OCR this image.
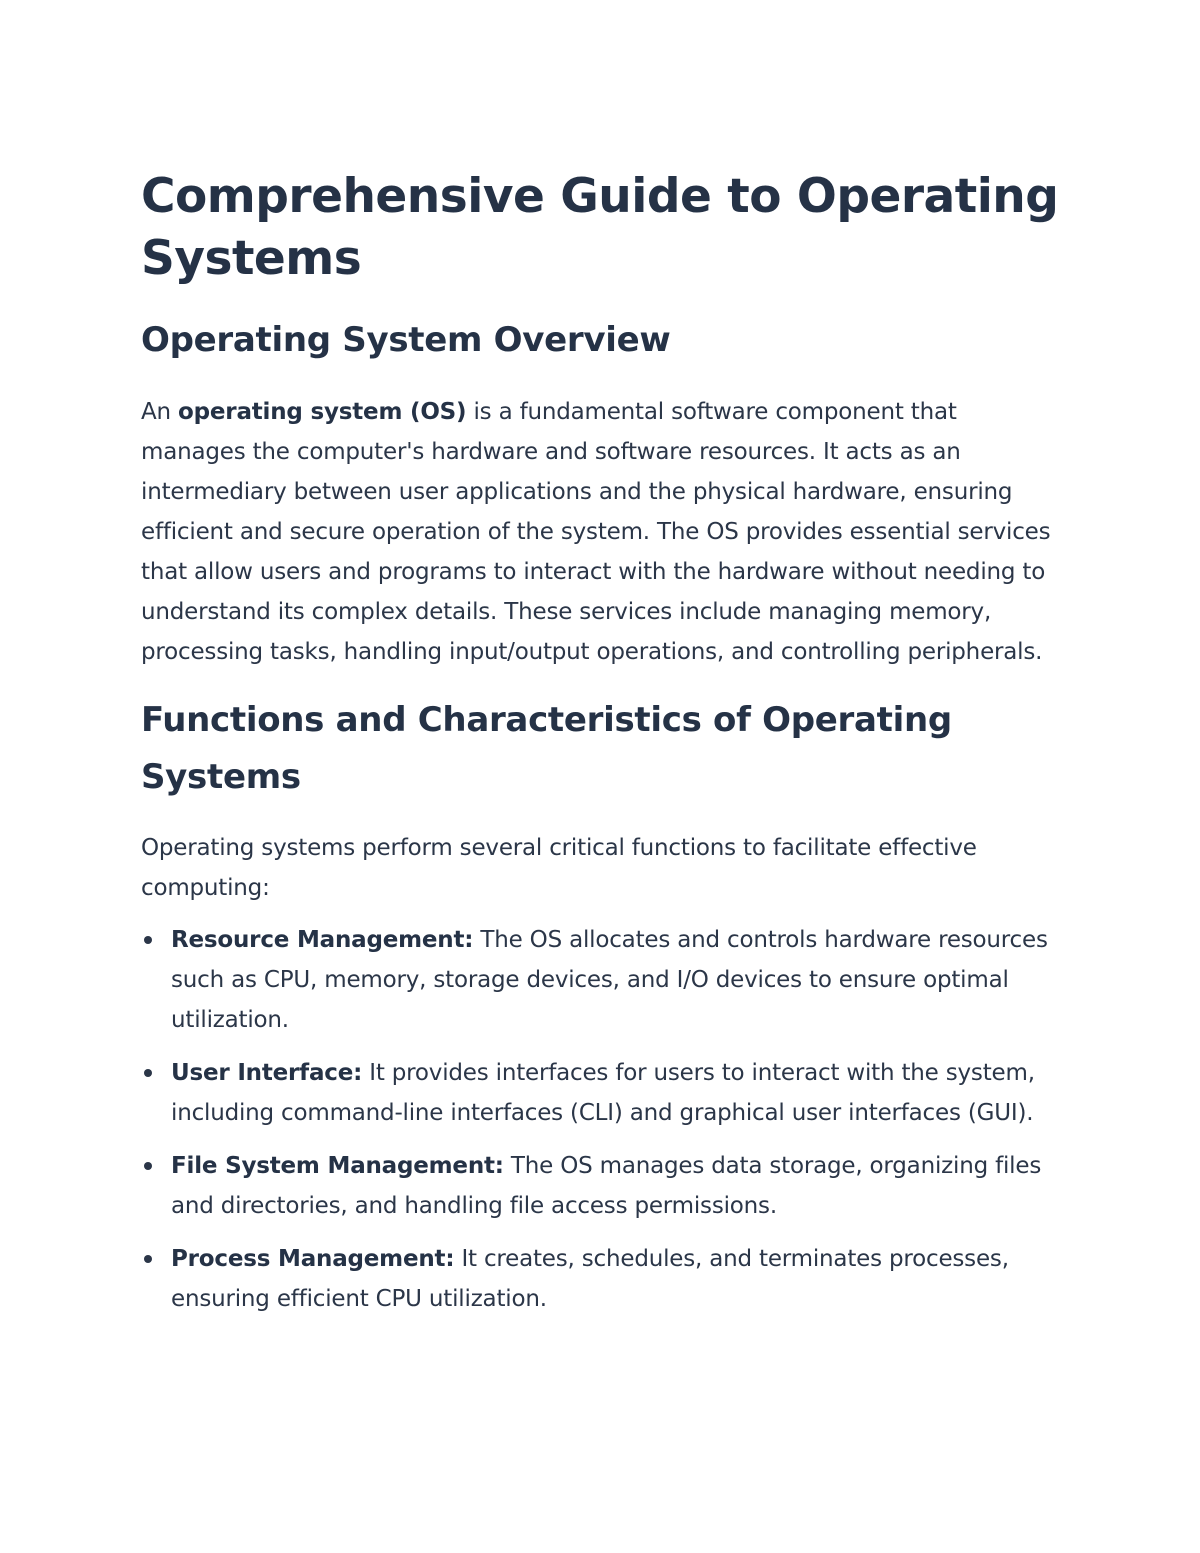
Comprehensive Guide to Operating Systems
Operating System Overview

An operating system (OS) is a fundamental software component that manages the computer's hardware and software resources. It acts as an intermediary between user applications and the physical hardware, ensuring efficient and secure operation of the system. The OS provides essential services that allow users and programs to interact with the hardware without needing to understand its complex details. These services include managing memory, processing tasks, handling input/output operations, and controlling peripherals.

Functions and Characteristics of Operating Systems

Operating systems perform several critical functions to facilitate effective computing:

Resource Management: The OS allocates and controls hardware resources such as CPU, memory, storage devices, and I/O devices to ensure optimal utilization.
User Interface: It provides interfaces for users to interact with the system, including command-line interfaces (CLI) and graphical user interfaces (GUI).
File System Management: The OS manages data storage, organizing files and directories, and handling file access permissions.
Process Management: It creates, schedules, and terminates processes, ensuring efficient CPU utilization.
